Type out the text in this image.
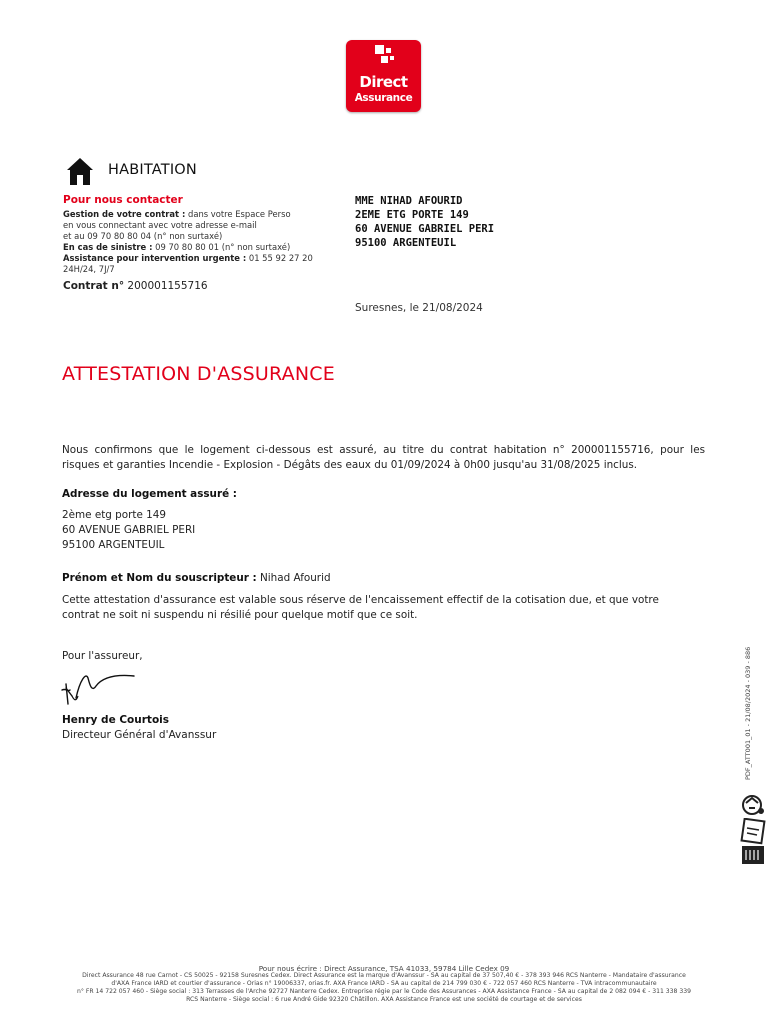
Direct
Assurance
HABITATION
Pour nous contacter
Gestion de votre contrat : dans votre Espace Perso
en vous connectant avec votre adresse e-mail
et au 09 70 80 80 04 (n° non surtaxé)
En cas de sinistre : 09 70 80 80 01 (n° non surtaxé)
Assistance pour intervention urgente : 01 55 92 27 20
24H/24, 7J/7
Contrat n° 200001155716
MME NIHAD AFOURID
2EME ETG PORTE 149
60 AVENUE GABRIEL PERI
95100 ARGENTEUIL
Suresnes, le 21/08/2024
ATTESTATION D'ASSURANCE
Nous confirmons que le logement ci-dessous est assuré, au titre du contrat habitation n° 200001155716, pour les
risques et garanties Incendie - Explosion - Dégâts des eaux du 01/09/2024 à 0h00 jusqu'au 31/08/2025 inclus.
Adresse du logement assuré :
2ème etg porte 149
60 AVENUE GABRIEL PERI
95100 ARGENTEUIL
Prénom et Nom du souscripteur : Nihad Afourid
Cette attestation d'assurance est valable sous réserve de l'encaissement effectif de la cotisation due, et que votre
contrat ne soit ni suspendu ni résilié pour quelque motif que ce soit.
Pour l'assureur,
Henry de Courtois
Directeur Général d'Avanssur	PDF_ATT001_01 - 21/08/2024 - 039 - 886
Pour nous écrire : Direct Assurance, TSA 41033, 59784 Lille Cedex 09
Direct Assurance 48 rue Carnot - CS 50025 - 92158 Suresnes Cedex. Direct Assurance est la marque d'Avanssur - SA au capital de 37 507,40 € - 378 393 946 RCS Nanterre - Mandataire d'assurance
d'AXA France IARD et courtier d'assurance - Orias n° 19006337, orias.fr. AXA France IARD - SA au capital de 214 799 030 € - 722 057 460 RCS Nanterre - TVA intracommunautaire
n° FR 14 722 057 460 - Siège social : 313 Terrasses de l'Arche 92727 Nanterre Cedex. Entreprise régie par le Code des Assurances - AXA Assistance France - SA au capital de 2 082 094 € - 311 338 339
RCS Nanterre - Siège social : 6 rue André Gide 92320 Châtillon. AXA Assistance France est une société de courtage et de services
